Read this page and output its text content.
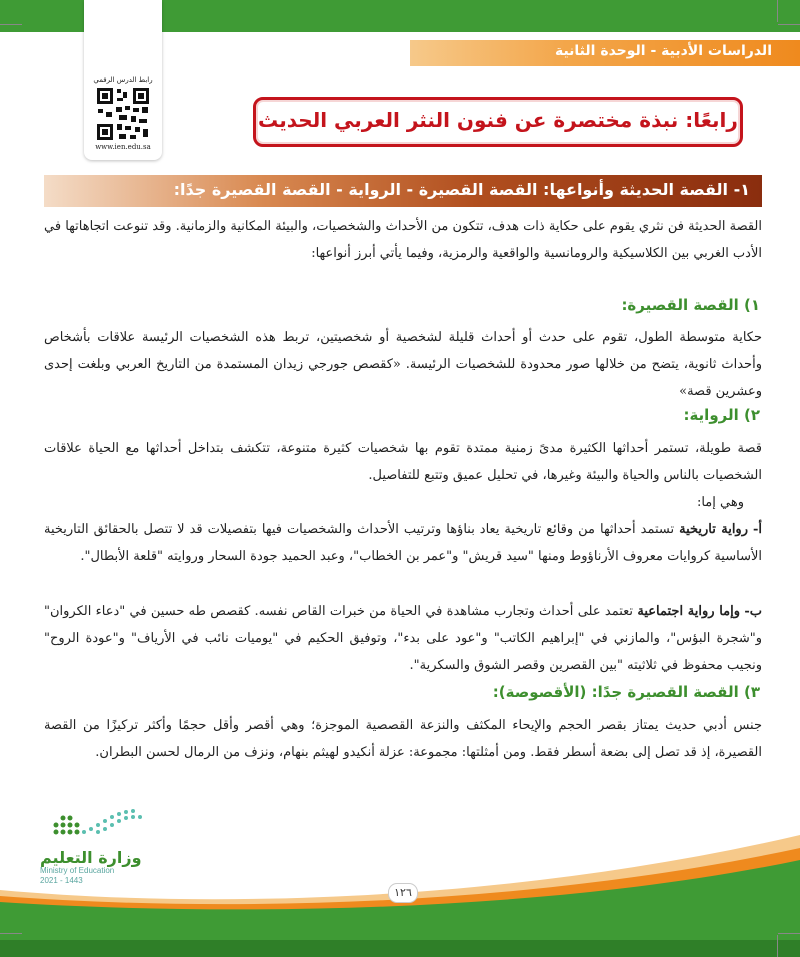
الدراسات الأدبية - الوحدة الثانية
رابط الدرس الرقمي
www.ien.edu.sa
رابعًا: نبذة مختصرة عن فنون النثر العربي الحديث
١- القصة الحديثة وأنواعها: القصة القصيرة - الرواية - القصة القصيرة جدًا:

القصة الحديثة فن نثري يقوم على حكاية ذات هدف، تتكون من الأحداث والشخصيات، والبيئة المكانية والزمانية. وقد تنوعت اتجاهاتها في الأدب الغربي بين الكلاسيكية والرومانسية والواقعية والرمزية، وفيما يأتي أبرز أنواعها:

١) القصة القصيرة:

حكاية متوسطة الطول، تقوم على حدث أو أحداث قليلة لشخصية أو شخصيتين، تربط هذه الشخصيات الرئيسة علاقات بأشخاص وأحداث ثانوية، يتضح من خلالها صور محدودة للشخصيات الرئيسة. «كقصص جورجي زيدان المستمدة من التاريخ العربي وبلغت إحدى وعشرين قصة»

٢) الرواية:

قصة طويلة، تستمر أحداثها الكثيرة مدىً زمنية ممتدة تقوم بها شخصيات كثيرة متنوعة، تتكشف بتداخل أحداثها مع الحياة علاقات الشخصيات بالناس والحياة والبيئة وغيرها، في تحليل عميق وتتبع للتفاصيل.

وهي إما:

أ- رواية تاريخية تستمد أحداثها من وقائع تاريخية يعاد بناؤها وترتيب الأحداث والشخصيات فيها بتفصيلات قد لا تتصل بالحقائق التاريخية الأساسية كروايات معروف الأرناؤوط ومنها "سيد قريش" و"عمر بن الخطاب"، وعبد الحميد جودة السحار وروايته "قلعة الأبطال".

ب- وإما رواية اجتماعية تعتمد على أحداث وتجارب مشاهدة في الحياة من خبرات القاص نفسه. كقصص طه حسين في "دعاء الكروان" و"شجرة البؤس"، والمازني في "إبراهيم الكاتب" و"عود على بدء"، وتوفيق الحكيم في "يوميات نائب في الأرياف" و"عودة الروح" ونجيب محفوظ في ثلاثيته "بين القصرين وقصر الشوق والسكرية".

٣) القصة القصيرة جدًا: (الأقصوصة):

جنس أدبي حديث يمتاز بقصر الحجم والإيحاء المكثف والنزعة القصصية الموجزة؛ وهي أقصر وأقل حجمًا وأكثر تركيزًا من القصة القصيرة، إذ قد تصل إلى بضعة أسطر فقط. ومن أمثلتها: مجموعة: عزلة أنكيدو لهيثم بنهام، ونزف من الرمال لحسن البطران.

وزارة التعليم
Ministry of Education
2021 - 1443
١٢٦
